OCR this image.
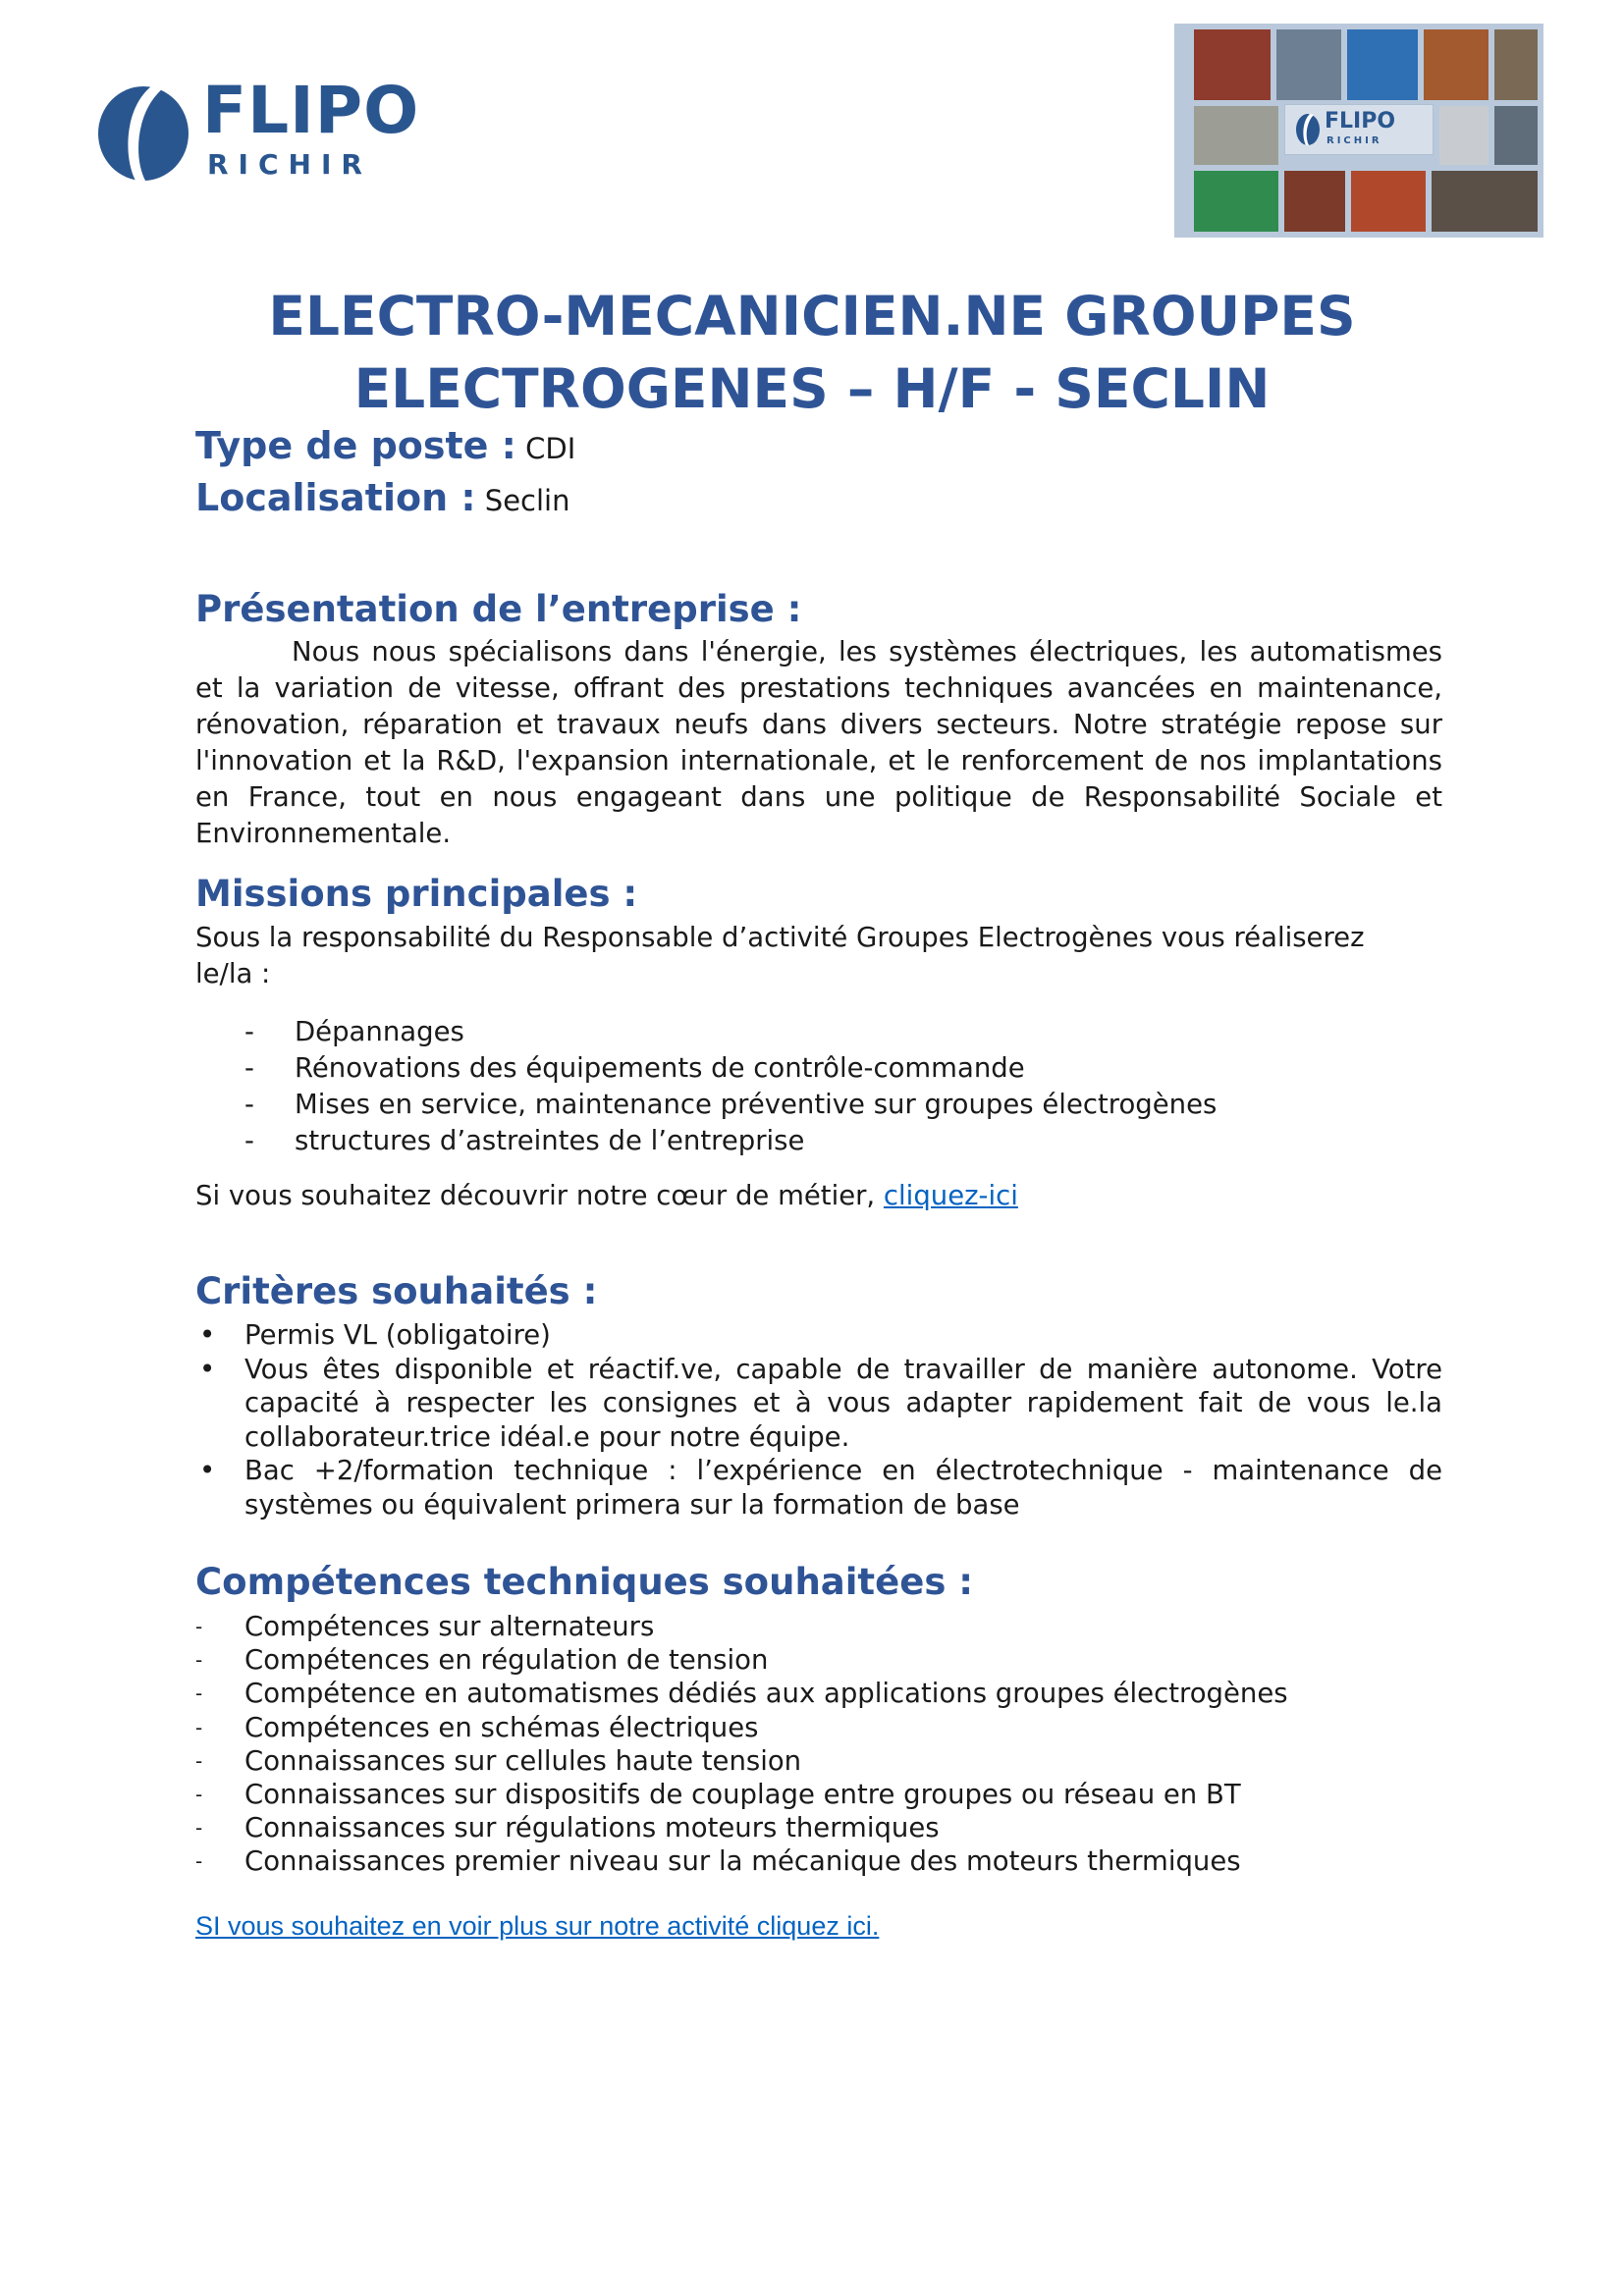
FLIPO
RICHIR
FLIPO
RICHIR
ELECTRO-MECANICIEN.NE GROUPES
ELECTROGENES – H/F - SECLIN
Type de poste : CDI
Localisation : Seclin
Présentation de l’entreprise :

Nous nous spécialisons dans l'énergie, les systèmes électriques, les automatismes et la variation de vitesse, offrant des prestations techniques avancées en maintenance, rénovation, réparation et travaux neufs dans divers secteurs. Notre stratégie repose sur l'innovation et la R&D, l'expansion internationale, et le renforcement de nos implantations en France, tout en nous engageant dans une politique de Responsabilité Sociale et Environnementale.

Missions principales :

Sous la responsabilité du Responsable d’activité Groupes Electrogènes vous réaliserez le/la :

- Dépannages
- Rénovations des équipements de contrôle-commande
- Mises en service, maintenance préventive sur groupes électrogènes
- structures d’astreintes de l’entreprise

Si vous souhaitez découvrir notre cœur de métier, cliquez-ici

Critères souhaités :
• Permis VL (obligatoire)
• Vous êtes disponible et réactif.ve, capable de travailler de manière autonome. Votre capacité à respecter les consignes et à vous adapter rapidement fait de vous le.la collaborateur.trice idéal.e pour notre équipe.
• Bac +2/formation technique : l’expérience en électrotechnique - maintenance de systèmes ou équivalent primera sur la formation de base
Compétences techniques souhaitées :
- Compétences sur alternateurs
- Compétences en régulation de tension
- Compétence en automatismes dédiés aux applications groupes électrogènes
- Compétences en schémas électriques
- Connaissances sur cellules haute tension
- Connaissances sur dispositifs de couplage entre groupes ou réseau en BT
- Connaissances sur régulations moteurs thermiques
- Connaissances premier niveau sur la mécanique des moteurs thermiques
SI vous souhaitez en voir plus sur notre activité cliquez ici.
